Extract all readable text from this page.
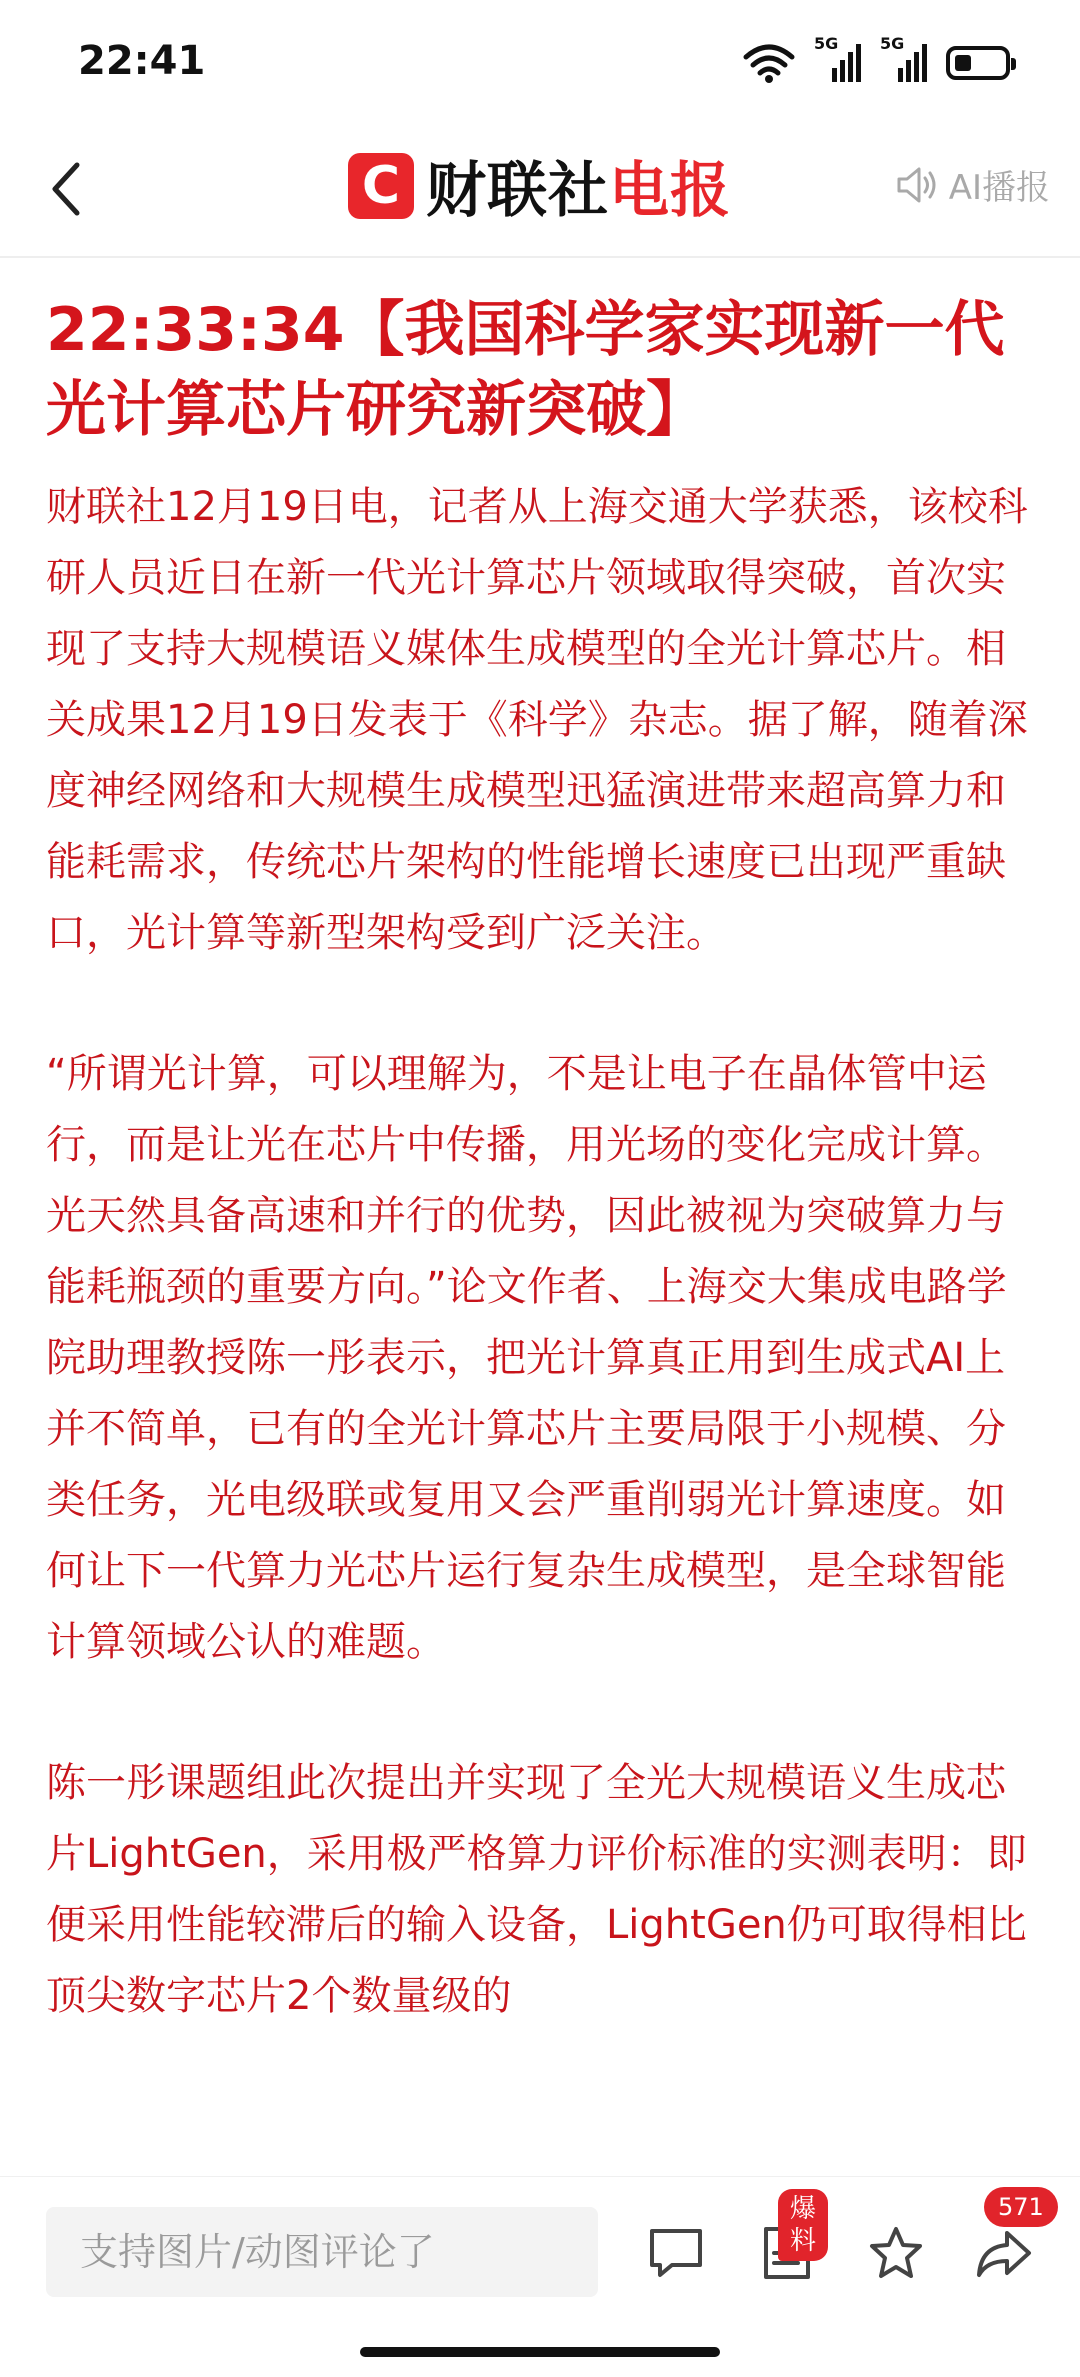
22:41	5G	5G
C 财联社电报	AI播报
22:33:34【我国科学家实现新一代光计算芯片研究新突破】

财联社12月19日电，记者从上海交通大学获悉，该校科研人员近日在新一代光计算芯片领域取得突破，首次实现了支持大规模语义媒体生成模型的全光计算芯片。相关成果12月19日发表于《科学》杂志。据了解，随着深度神经网络和大规模生成模型迅猛演进带来超高算力和能耗需求，传统芯片架构的性能增长速度已出现严重缺口，光计算等新型架构受到广泛关注。

“所谓光计算，可以理解为，不是让电子在晶体管中运行，而是让光在芯片中传播，用光场的变化完成计算。光天然具备高速和并行的优势，因此被视为突破算力与能耗瓶颈的重要方向。”论文作者、上海交大集成电路学院助理教授陈一彤表示，把光计算真正用到生成式AI上并不简单，已有的全光计算芯片主要局限于小规模、分类任务，光电级联或复用又会严重削弱光计算速度。如何让下一代算力光芯片运行复杂生成模型，是全球智能计算领域公认的难题。

陈一彤课题组此次提出并实现了全光大规模语义生成芯片LightGen，采用极严格算力评价标准的实测表明：即便采用性能较滞后的输入设备，LightGen仍可取得相比顶尖数字芯片2个数量级的

支持图片/动图评论了
爆料
571
